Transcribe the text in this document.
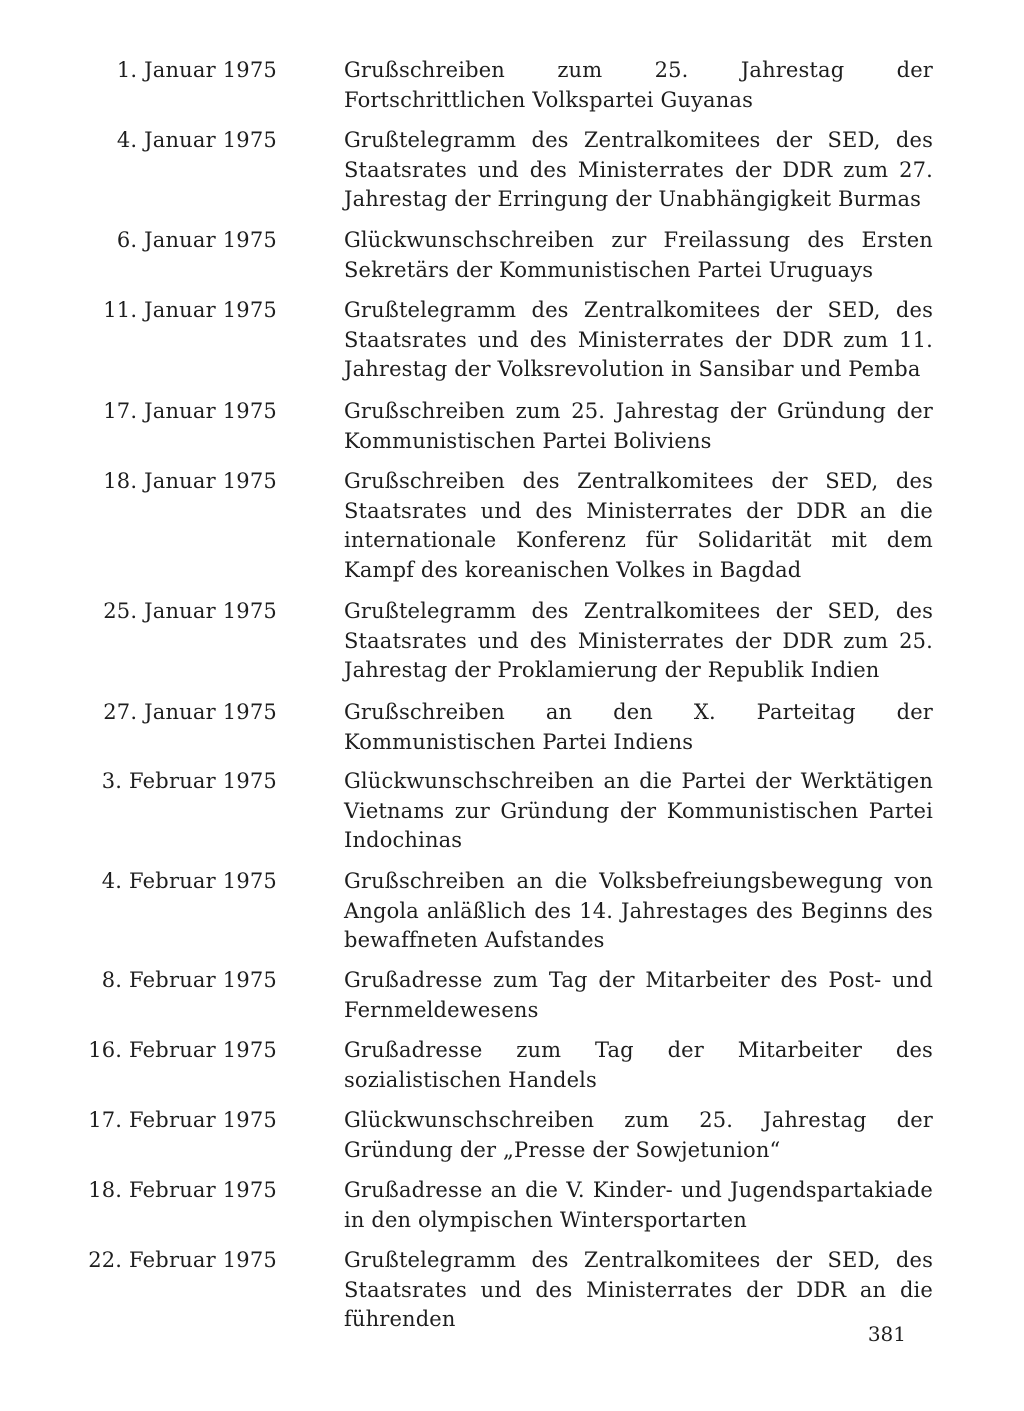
1. Januar 1975	Grußschreiben zum 25. Jahrestag der Fortschrittlichen Volkspartei Guyanas
4. Januar 1975	Grußtelegramm des Zentralkomitees der SED, des Staatsrates und des Ministerrates der DDR zum 27. Jahrestag der Erringung der Unabhängigkeit Burmas
6. Januar 1975	Glückwunschschreiben zur Freilassung des Ersten Sekretärs der Kommunistischen Partei Uruguays
11. Januar 1975	Grußtelegramm des Zentralkomitees der SED, des Staatsrates und des Ministerrates der DDR zum 11. Jahrestag der Volksrevolution in Sansibar und Pemba
17. Januar 1975	Grußschreiben zum 25. Jahrestag der Gründung der Kommunistischen Partei Boliviens
18. Januar 1975	Grußschreiben des Zentralkomitees der SED, des Staatsrates und des Ministerrates der DDR an die internationale Konferenz für Solidarität mit dem Kampf des koreanischen Volkes in Bagdad
25. Januar 1975	Grußtelegramm des Zentralkomitees der SED, des Staatsrates und des Ministerrates der DDR zum 25. Jahrestag der Proklamierung der Republik Indien
27. Januar 1975	Grußschreiben an den X. Parteitag der Kommunistischen Partei Indiens
3. Februar 1975	Glückwunschschreiben an die Partei der Werktätigen Vietnams zur Gründung der Kommunistischen Partei Indochinas
4. Februar 1975	Grußschreiben an die Volksbefreiungsbewegung von Angola anläßlich des 14. Jahrestages des Beginns des bewaffneten Aufstandes
8. Februar 1975	Grußadresse zum Tag der Mitarbeiter des Post- und Fernmeldewesens
16. Februar 1975	Grußadresse zum Tag der Mitarbeiter des sozialistischen Handels
17. Februar 1975	Glückwunschschreiben zum 25. Jahrestag der Gründung der „Presse der Sowjetunion“
18. Februar 1975	Grußadresse an die V. Kinder- und Jugendspartakiade in den olympischen Wintersportarten
22. Februar 1975	Grußtelegramm des Zentralkomitees der SED, des Staatsrates und des Ministerrates der DDR an die führenden
381
